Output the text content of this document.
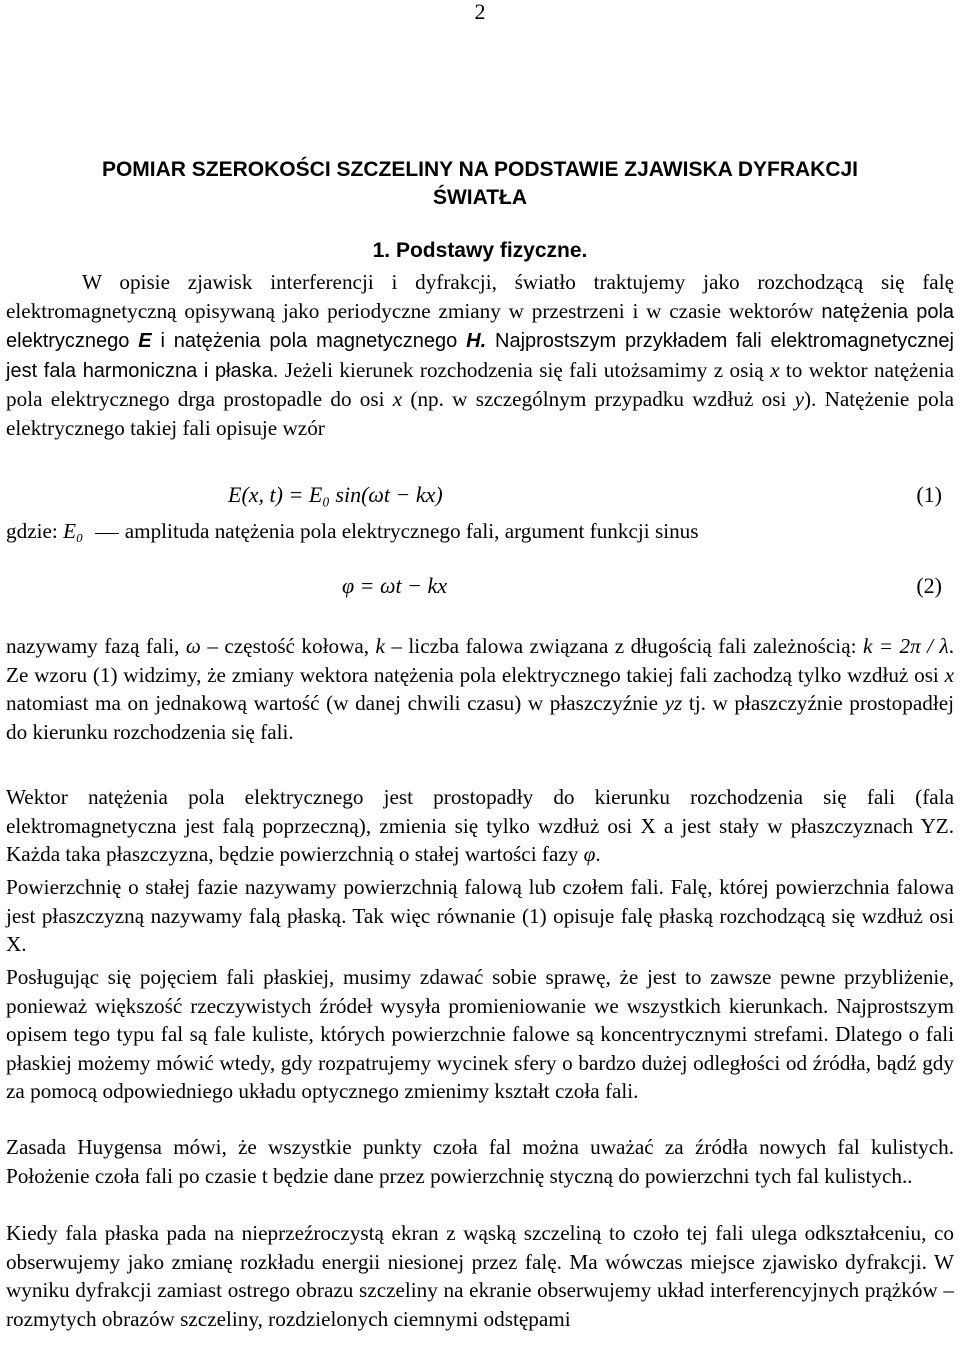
2
POMIAR SZEROKOŚCI SZCZELINY NA PODSTAWIE ZJAWISKA DYFRAKCJI
ŚWIATŁA
1. Podstawy fizyczne.

W opisie zjawisk interferencji i dyfrakcji, światło traktujemy jako rozchodzącą się falę elektromagnetyczną opisywaną jako periodyczne zmiany w przestrzeni i w czasie wektorów natężenia pola elektrycznego E i natężenia pola magnetycznego H. Najprostszym przykładem fali elektromagnetycznej jest fala harmoniczna i płaska. Jeżeli kierunek rozchodzenia się fali utożsamimy z osią x to wektor natężenia pola elektrycznego drga prostopadle do osi x (np. w szczególnym przypadku wzdłuż osi y). Natężenie pola elektrycznego takiej fali opisuje wzór

E(x, t) = E₀ sin(ωt − kx)	(1)

gdzie: E₀ amplituda natężenia pola elektrycznego fali, argument funkcji sinus

φ = ωt − kx	(2)

nazywamy fazą fali, ω – częstość kołowa, k – liczba falowa związana z długością fali zależnością: k = 2π / λ. Ze wzoru (1) widzimy, że zmiany wektora natężenia pola elektrycznego takiej fali zachodzą tylko wzdłuż osi x natomiast ma on jednakową wartość (w danej chwili czasu) w płaszczyźnie yz tj. w płaszczyźnie prostopadłej do kierunku rozchodzenia się fali.

Wektor natężenia pola elektrycznego jest prostopadły do kierunku rozchodzenia się fali (fala elektromagnetyczna jest falą poprzeczną), zmienia się tylko wzdłuż osi X a jest stały w płaszczyznach YZ. Każda taka płaszczyzna, będzie powierzchnią o stałej wartości fazy φ.

Powierzchnię o stałej fazie nazywamy powierzchnią falową lub czołem fali. Falę, której powierzchnia falowa jest płaszczyzną nazywamy falą płaską. Tak więc równanie (1) opisuje falę płaską rozchodzącą się wzdłuż osi X.

Posługując się pojęciem fali płaskiej, musimy zdawać sobie sprawę, że jest to zawsze pewne przybliżenie, ponieważ większość rzeczywistych źródeł wysyła promieniowanie we wszystkich kierunkach. Najprostszym opisem tego typu fal są fale kuliste, których powierzchnie falowe są koncentrycznymi strefami. Dlatego o fali płaskiej możemy mówić wtedy, gdy rozpatrujemy wycinek sfery o bardzo dużej odległości od źródła, bądź gdy za pomocą odpowiedniego układu optycznego zmienimy kształt czoła fali.

Zasada Huygensa mówi, że wszystkie punkty czoła fal można uważać za źródła nowych fal kulistych. Położenie czoła fali po czasie t będzie dane przez powierzchnię styczną do powierzchni tych fal kulistych..

Kiedy fala płaska pada na nieprzeźroczystą ekran z wąską szczeliną to czoło tej fali ulega odkształceniu, co obserwujemy jako zmianę rozkładu energii niesionej przez falę. Ma wówczas miejsce zjawisko dyfrakcji. W wyniku dyfrakcji zamiast ostrego obrazu szczeliny na ekranie obserwujemy układ interferencyjnych prążków – rozmytych obrazów szczeliny, rozdzielonych ciemnymi odstępami
